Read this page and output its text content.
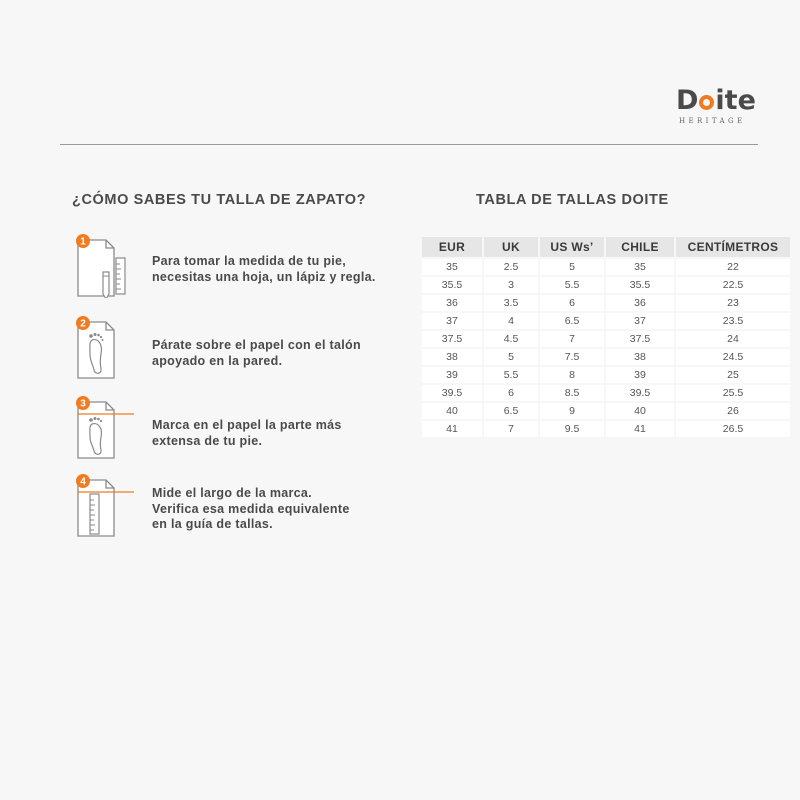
D ite
HERITAGE
¿CÓMO SABES TU TALLA DE ZAPATO?	TABLA DE TALLAS DOITE
1
Para tomar la medida de tu pie,
necesitas una hoja, un lápiz y regla.
2
Párate sobre el papel con el talón
apoyado en la pared.
3
Marca en el papel la parte más
extensa de tu pie.
4
Mide el largo de la marca.
Verifica esa medida equivalente
en la guía de tallas.
EUR	UK	US Ws’	CHILE	CENTÍMETROS
35	2.5	5	35	22
35.5	3	5.5	35.5	22.5
36	3.5	6	36	23
37	4	6.5	37	23.5
37.5	4.5	7	37.5	24
38	5	7.5	38	24.5
39	5.5	8	39	25
39.5	6	8.5	39.5	25.5
40	6.5	9	40	26
41	7	9.5	41	26.5
